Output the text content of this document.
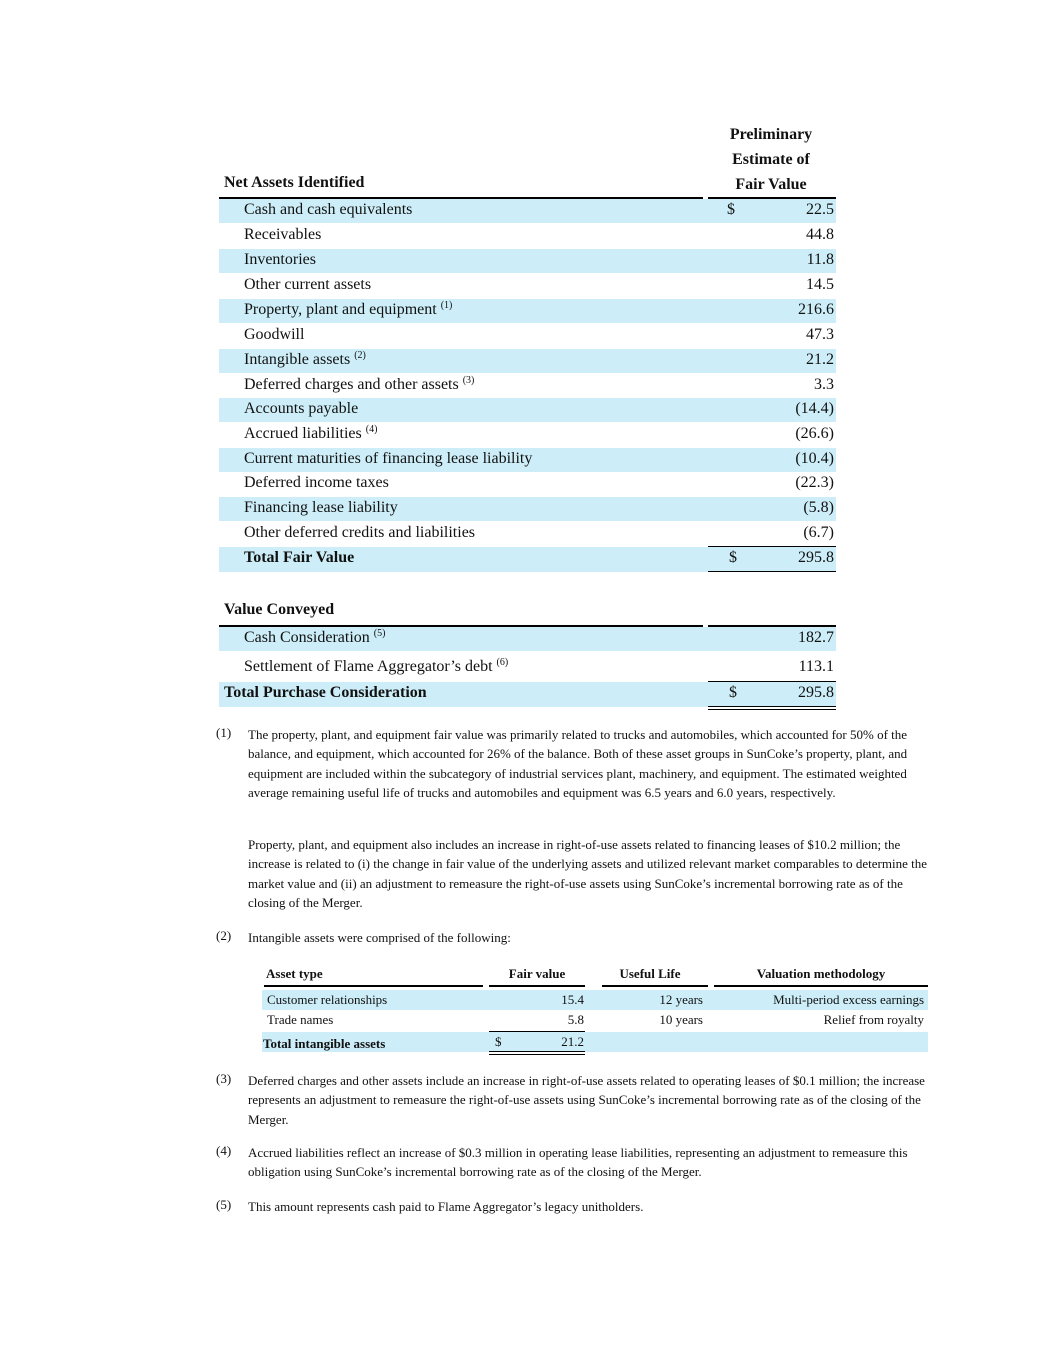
Preliminary
Estimate of
Fair Value
Net Assets Identified
Cash and cash equivalents	$	22.5
Receivables	44.8
Inventories	11.8
Other current assets	14.5
Property, plant and equipment $^{(1)}$	216.6
Goodwill	47.3
Intangible assets $^{(2)}$	21.2
Deferred charges and other assets $^{(3)}$	3.3
Accounts payable	(14.4)
Accrued liabilities $^{(4)}$	(26.6)
Current maturities of financing lease liability	(10.4)
Deferred income taxes	(22.3)
Financing lease liability	(5.8)
Other deferred credits and liabilities	(6.7)
Total Fair Value	$	295.8
Value Conveyed
Cash Consideration $^{(5)}$	182.7
Settlement of Flame Aggregator’s debt $^{(6)}$	113.1
Total Purchase Consideration	$	295.8
(1) The property, plant, and equipment fair value was primarily related to trucks and automobiles, which accounted for 50% of the balance, and equipment, which accounted for 26% of the balance. Both of these asset groups in SunCoke’s property, plant, and equipment are included within the subcategory of industrial services plant, machinery, and equipment. The estimated weighted average remaining useful life of trucks and automobiles and equipment was 6.5 years and 6.0 years, respectively.
Property, plant, and equipment also includes an increase in right-of-use assets related to financing leases of $10.2 million; the increase is related to (i) the change in fair value of the underlying assets and utilized relevant market comparables to determine the market value and (ii) an adjustment to remeasure the right-of-use assets using SunCoke’s incremental borrowing rate as of the closing of the Merger.
(2) Intangible assets were comprised of the following:
Asset type	Fair value	Useful Life	Valuation methodology
Customer relationships	15.4	12 years	Multi-period excess earnings
Trade names	5.8	10 years	Relief from royalty
Total intangible assets	$	21.2
(3) Deferred charges and other assets include an increase in right-of-use assets related to operating leases of $0.1 million; the increase represents an adjustment to remeasure the right-of-use assets using SunCoke’s incremental borrowing rate as of the closing of the Merger.
(4) Accrued liabilities reflect an increase of $0.3 million in operating lease liabilities, representing an adjustment to remeasure this obligation using SunCoke’s incremental borrowing rate as of the closing of the Merger.
(5) This amount represents cash paid to Flame Aggregator’s legacy unitholders.
